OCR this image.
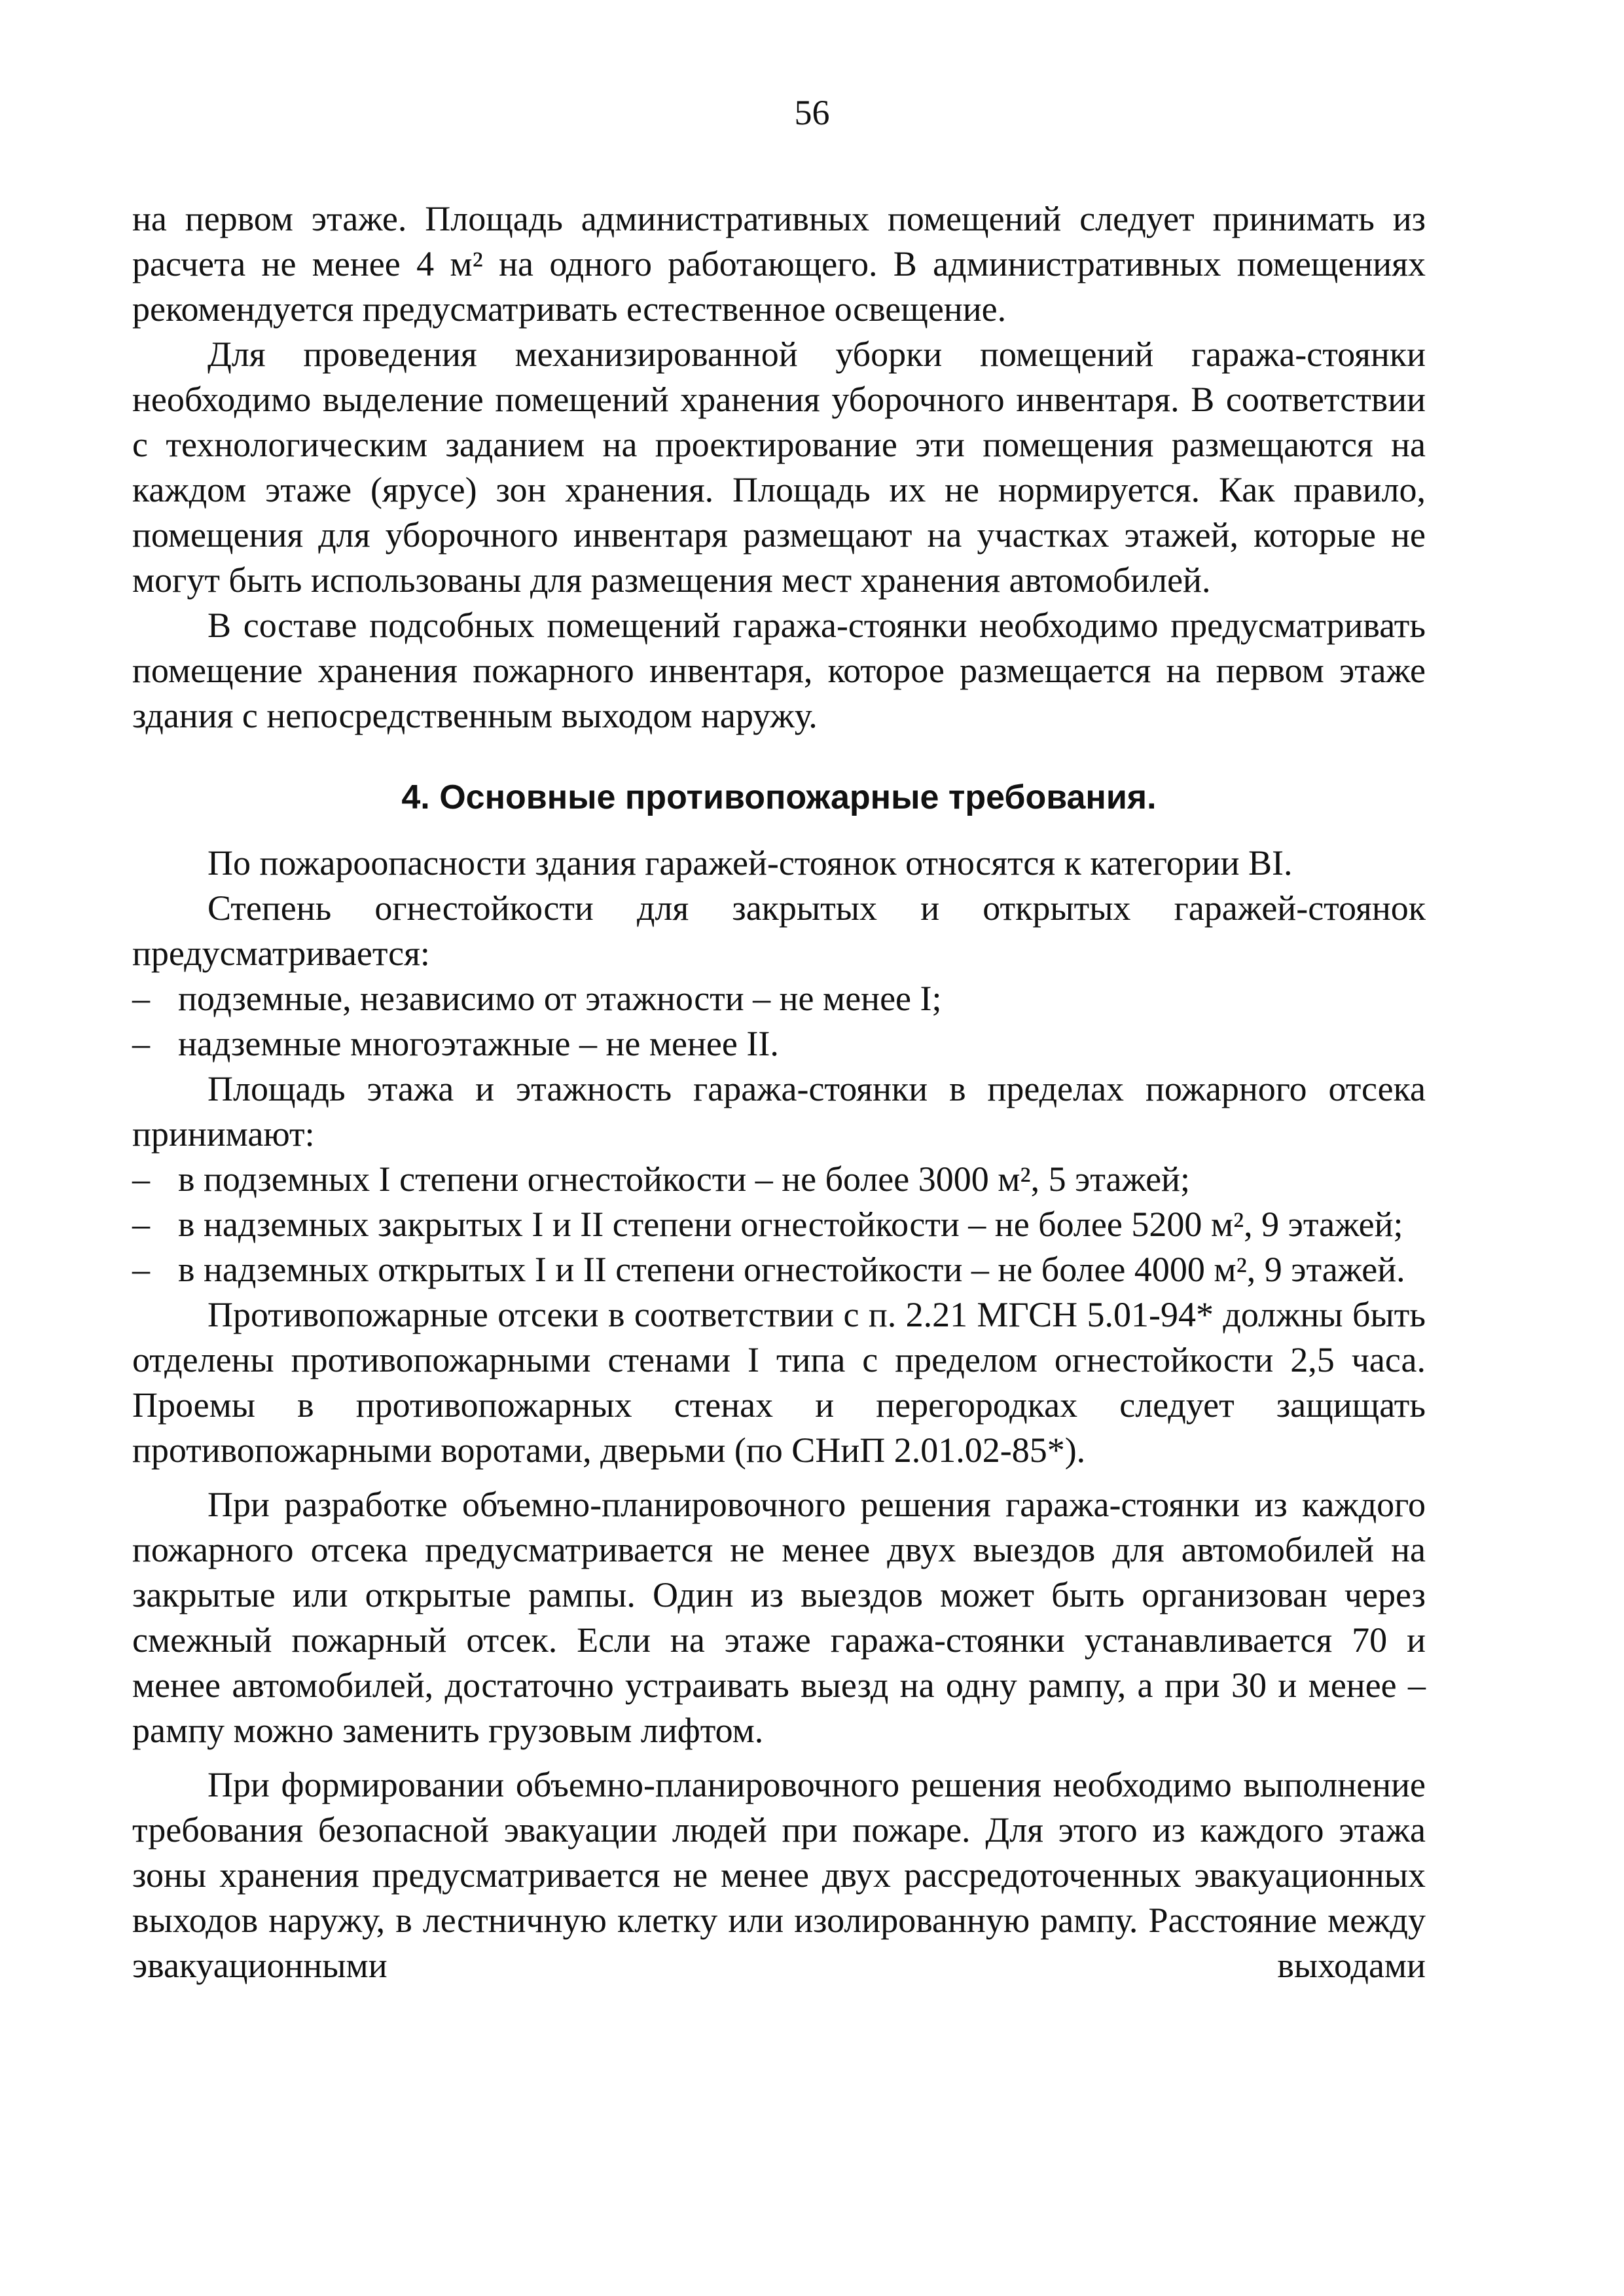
56

на первом этаже. Площадь административных помещений следует принимать из расчета не менее 4 м² на одного работающего. В административных помещениях рекомендуется предусматривать естественное освещение.

Для проведения механизированной уборки помещений гаража-стоянки необходимо выделение помещений хранения уборочного инвентаря. В соответствии с технологическим заданием на проектирование эти помещения размещаются на каждом этаже (ярусе) зон хранения. Площадь их не нормируется. Как правило, помещения для уборочного инвентаря размещают на участках этажей, которые не могут быть использованы для размещения мест хранения автомобилей.

В составе подсобных помещений гаража-стоянки необходимо предусматривать помещение хранения пожарного инвентаря, которое размещается на первом этаже здания с непосредственным выходом наружу.

4. Основные противопожарные требования.

По пожароопасности здания гаражей-стоянок относятся к категории ВI.

Степень огнестойкости для закрытых и открытых гаражей-стоянок предусматривается:

– подземные, независимо от этажности – не менее I;
– надземные многоэтажные – не менее II.

Площадь этажа и этажность гаража-стоянки в пределах пожарного отсека принимают:

– в подземных I степени огнестойкости – не более 3000 м², 5 этажей;
– в надземных закрытых I и II степени огнестойкости – не более 5200 м², 9 этажей;
– в надземных открытых I и II степени огнестойкости – не более 4000 м², 9 этажей.

Противопожарные отсеки в соответствии с п. 2.21 МГСН 5.01-94* должны быть отделены противопожарными стенами I типа с пределом огнестойкости 2,5 часа. Проемы в противопожарных стенах и перегородках следует защищать противопожарными воротами, дверьми (по СНиП 2.01.02-85*).

При разработке объемно-планировочного решения гаража-стоянки из каждого пожарного отсека предусматривается не менее двух выездов для автомобилей на закрытые или открытые рампы. Один из выездов может быть организован через смежный пожарный отсек. Если на этаже гаража-стоянки устанавливается 70 и менее автомобилей, достаточно устраивать выезд на одну рампу, а при 30 и менее – рампу можно заменить грузовым лифтом.

При формировании объемно-планировочного решения необходимо выполнение требования безопасной эвакуации людей при пожаре. Для этого из каждого этажа зоны хранения предусматривается не менее двух рассредоточенных эвакуационных выходов наружу, в лестничную клетку или изолированную рампу. Расстояние между эвакуационными выходами
